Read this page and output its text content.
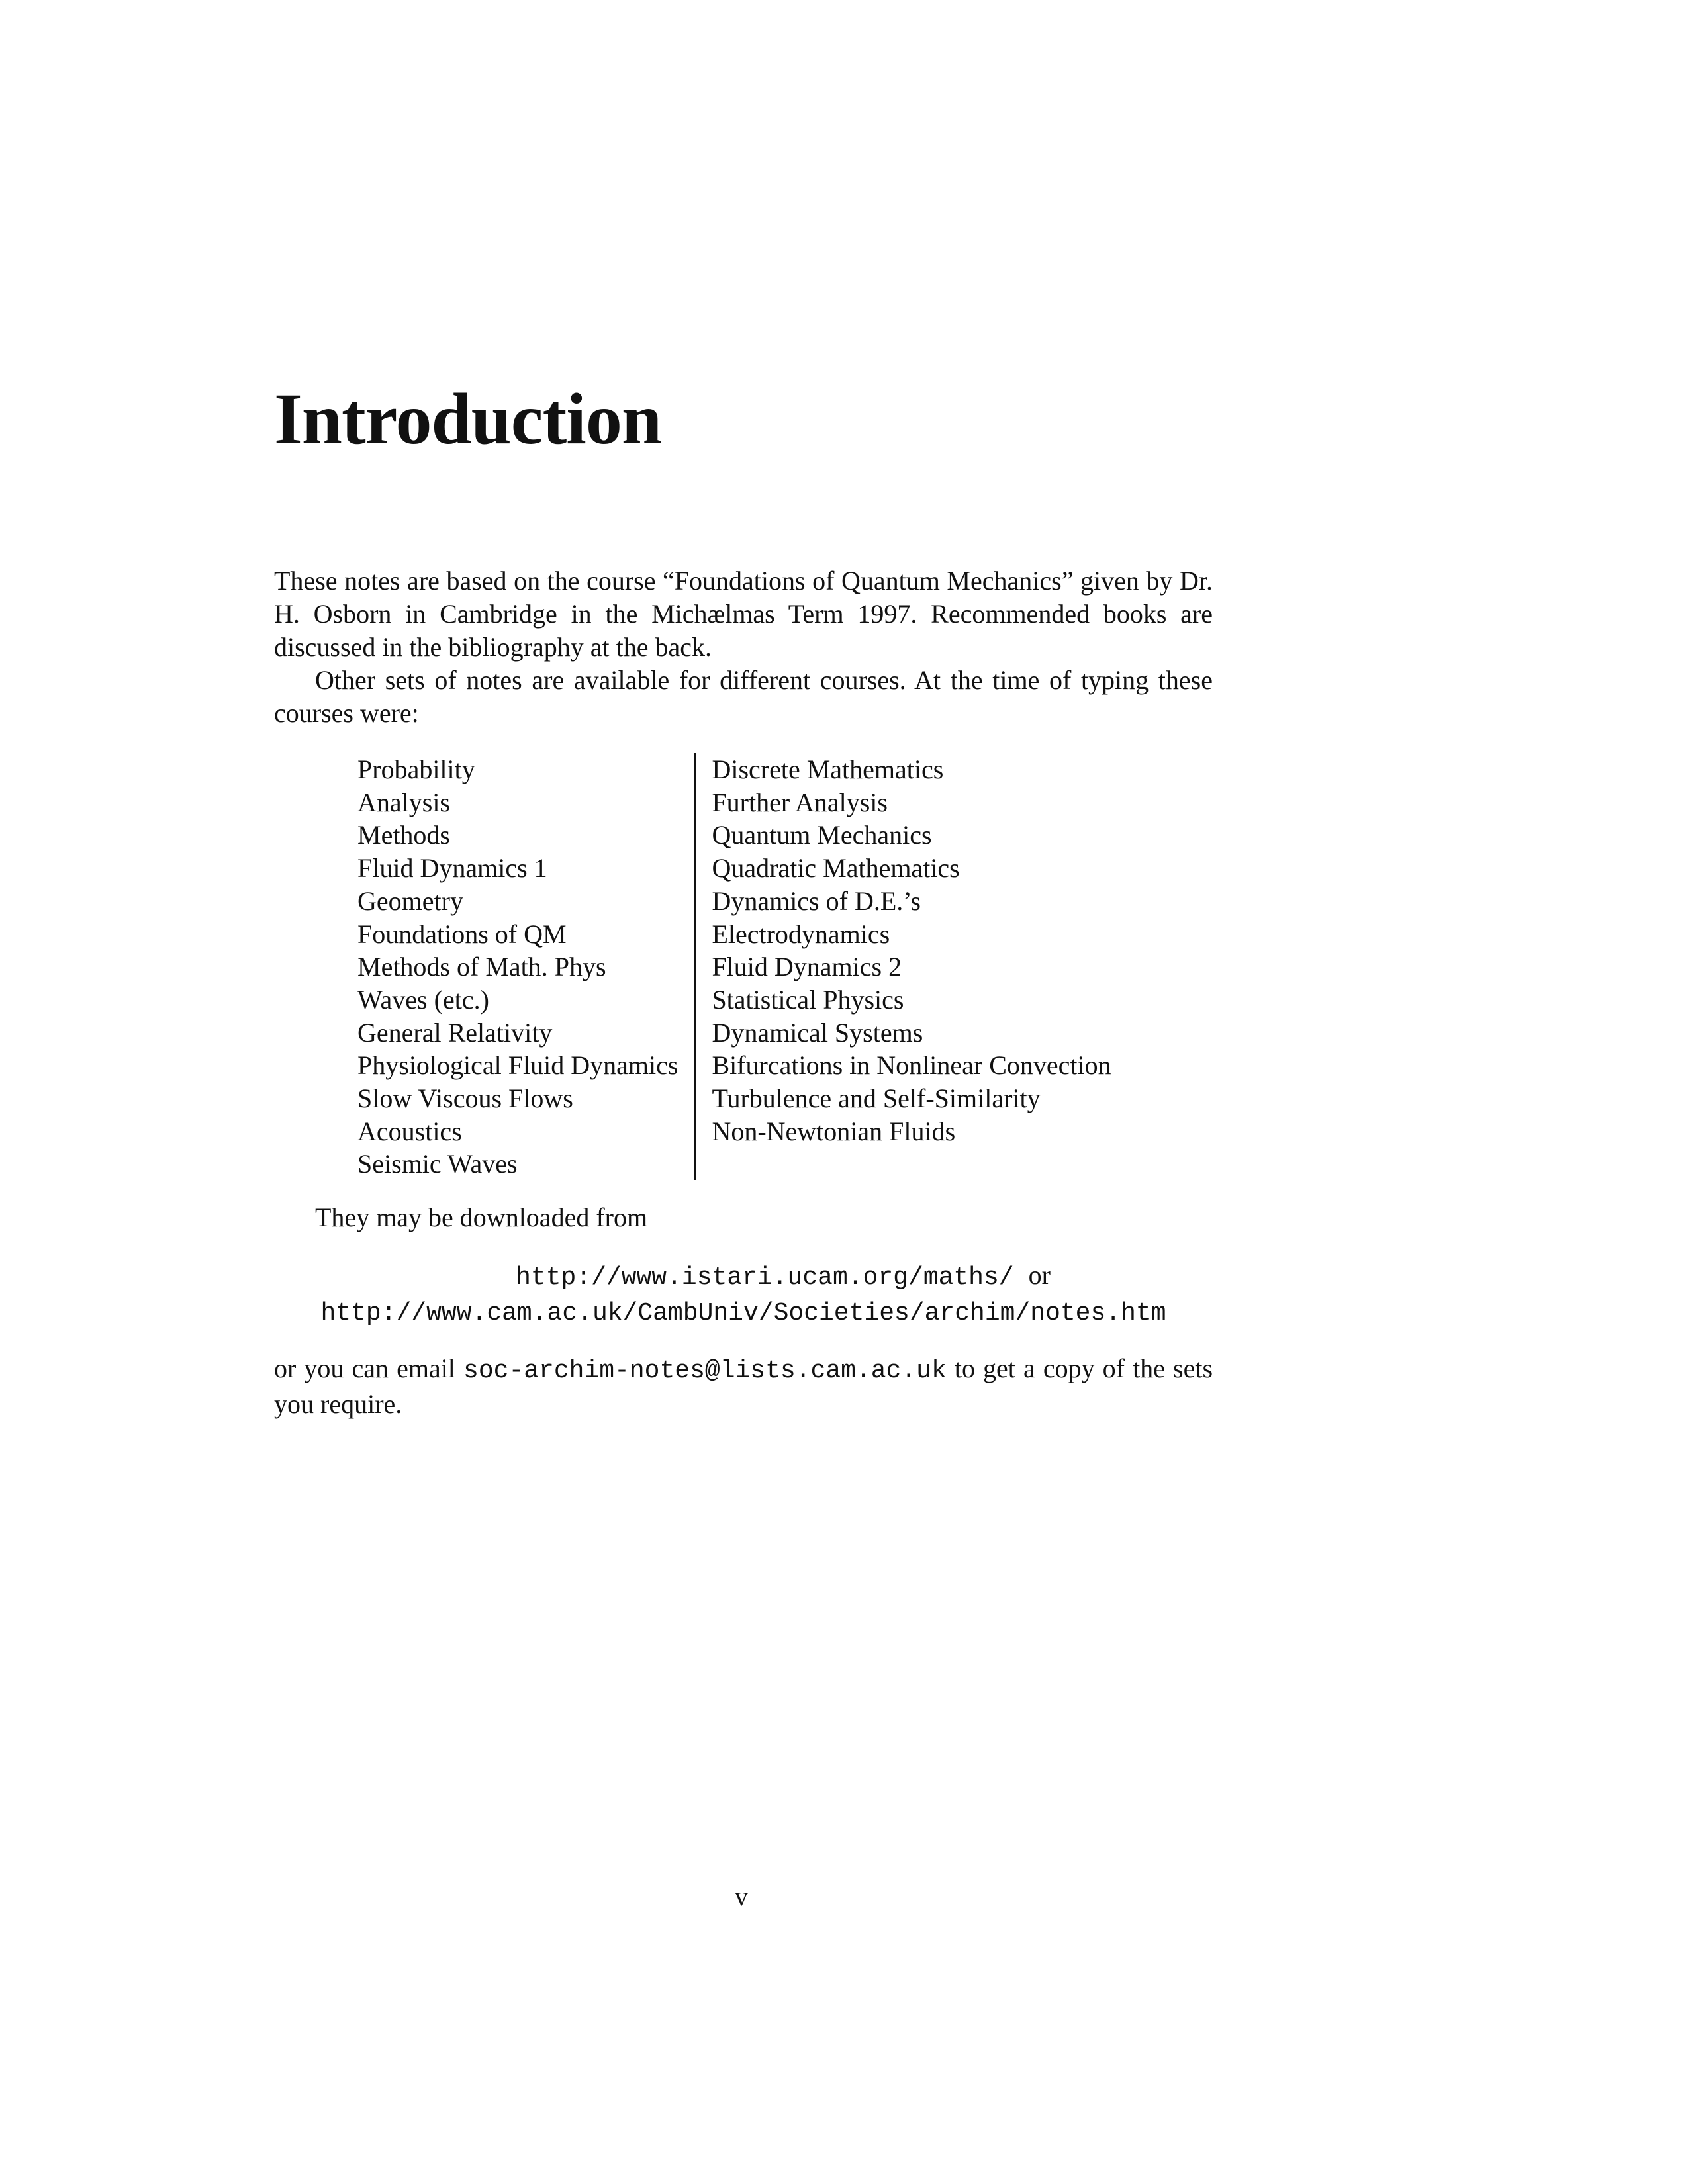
Introduction

These notes are based on the course “Foundations of Quantum Mechanics” given by Dr. H. Osborn in Cambridge in the Michælmas Term 1997. Recommended books are discussed in the bibliography at the back.

Other sets of notes are available for different courses. At the time of typing these courses were:

Probability
Analysis
Methods
Fluid Dynamics 1
Geometry
Foundations of QM
Methods of Math. Phys
Waves (etc.)
General Relativity
Physiological Fluid Dynamics
Slow Viscous Flows
Acoustics
Seismic Waves
Discrete Mathematics
Further Analysis
Quantum Mechanics
Quadratic Mathematics
Dynamics of D.E.’s
Electrodynamics
Fluid Dynamics 2
Statistical Physics
Dynamical Systems
Bifurcations in Nonlinear Convection
Turbulence and Self-Similarity
Non-Newtonian Fluids

They may be downloaded from

http://www.istari.ucam.org/maths/ or
http://www.cam.ac.uk/CambUniv/Societies/archim/notes.htm

or you can email soc-archim-notes@lists.cam.ac.uk to get a copy of the sets you require.

v
